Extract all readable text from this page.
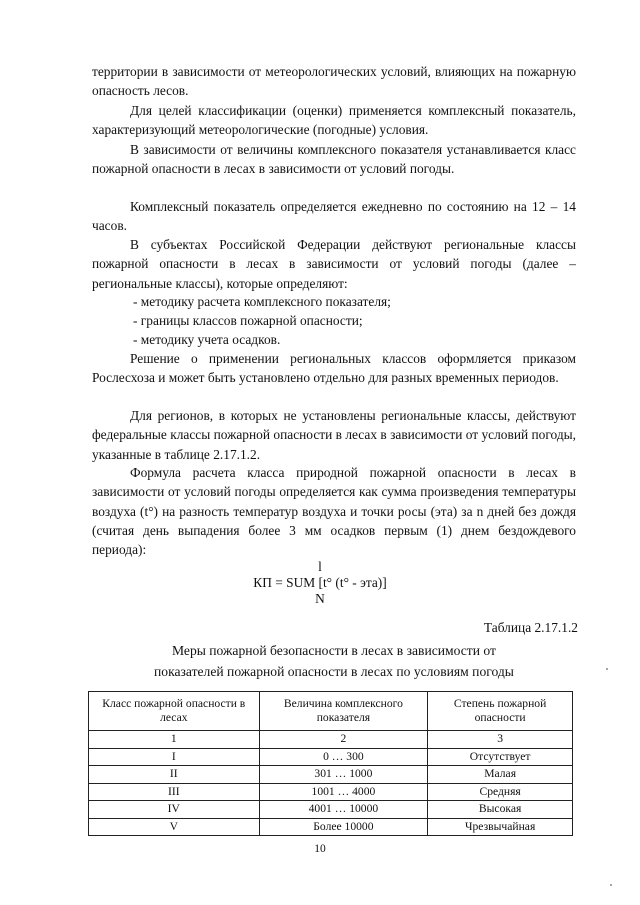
территории в зависимости от метеорологических условий, влияющих на пожарную опасность лесов.

Для целей классификации (оценки) применяется комплексный показатель, характеризующий метеорологические (погодные) условия.

В зависимости от величины комплексного показателя устанавливается класс пожарной опасности в лесах в зависимости от условий погоды.

Комплексный показатель определяется ежедневно по состоянию на 12 – 14 часов.

В субъектах Российской Федерации действуют региональные классы пожарной опасности в лесах в зависимости от условий погоды (далее – региональные классы), которые определяют:

- методику расчета комплексного показателя;

- границы классов пожарной опасности;

- методику учета осадков.

Решение о применении региональных классов оформляется приказом Рослесхоза и может быть установлено отдельно для разных временных периодов.

Для регионов, в которых не установлены региональные классы, действуют федеральные классы пожарной опасности в лесах в зависимости от условий погоды, указанные в таблице 2.17.1.2.

Формула расчета класса природной пожарной опасности в лесах в зависимости от условий погоды определяется как сумма произведения температуры воздуха (t°) на разность температур воздуха и точки росы (эта) за n дней без дождя (считая день выпадения более 3 мм осадков первым (1) днем бездождевого периода):

l

КП = SUM [t° (t° - эта)]

N

Таблица 2.17.1.2

Меры пожарной безопасности в лесах в зависимости от

показателей пожарной опасности в лесах по условиям погоды

Класс пожарной опасности в лесах	Величина комплексного показателя	Степень пожарной опасности
1	2	3
I	0 … 300	Отсутствует
II	301 … 1000	Малая
III	1001 … 4000	Средняя
IV	4001 … 10000	Высокая
V	Более 10000	Чрезвычайная

10
